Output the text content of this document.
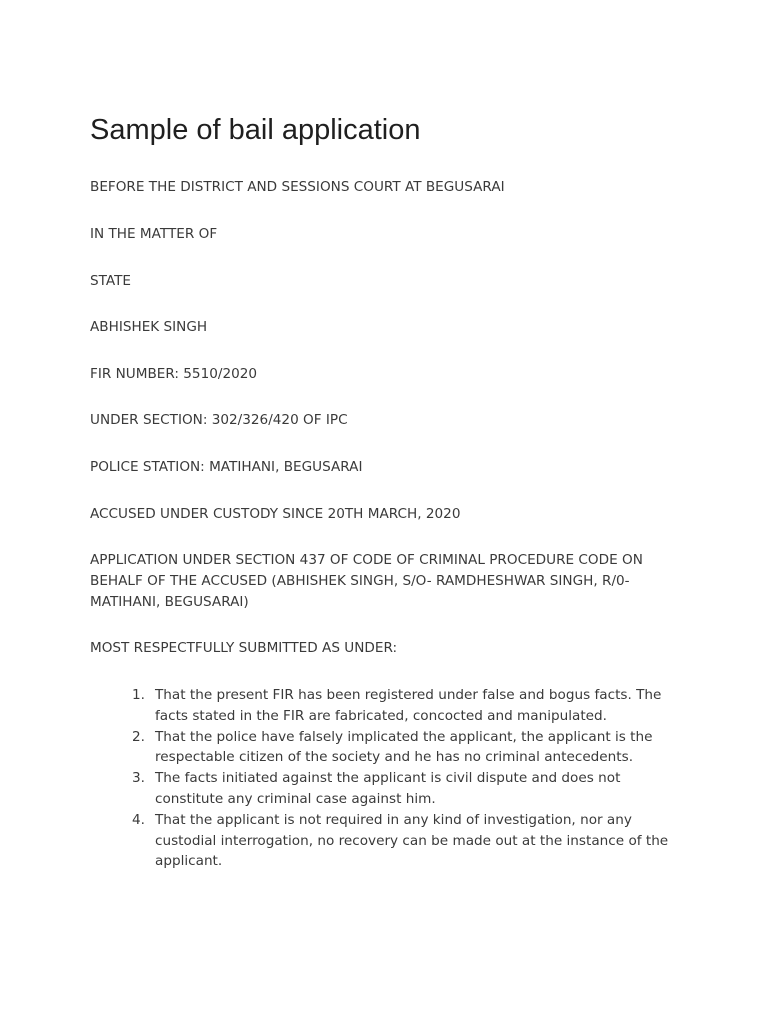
Sample of bail application

BEFORE THE DISTRICT AND SESSIONS COURT AT BEGUSARAI

IN THE MATTER OF

STATE

ABHISHEK SINGH

FIR NUMBER: 5510/2020

UNDER SECTION: 302/326/420 OF IPC

POLICE STATION: MATIHANI, BEGUSARAI

ACCUSED UNDER CUSTODY SINCE 20TH MARCH, 2020

APPLICATION UNDER SECTION 437 OF CODE OF CRIMINAL PROCEDURE CODE ON BEHALF OF THE ACCUSED (ABHISHEK SINGH, S/O- RAMDHESHWAR SINGH, R/0- MATIHANI, BEGUSARAI)

MOST RESPECTFULLY SUBMITTED AS UNDER:

1. That the present FIR has been registered under false and bogus facts. The facts stated in the FIR are fabricated, concocted and manipulated.
2. That the police have falsely implicated the applicant, the applicant is the respectable citizen of the society and he has no criminal antecedents.
3. The facts initiated against the applicant is civil dispute and does not constitute any criminal case against him.
4. That the applicant is not required in any kind of investigation, nor any custodial interrogation, no recovery can be made out at the instance of the applicant.
